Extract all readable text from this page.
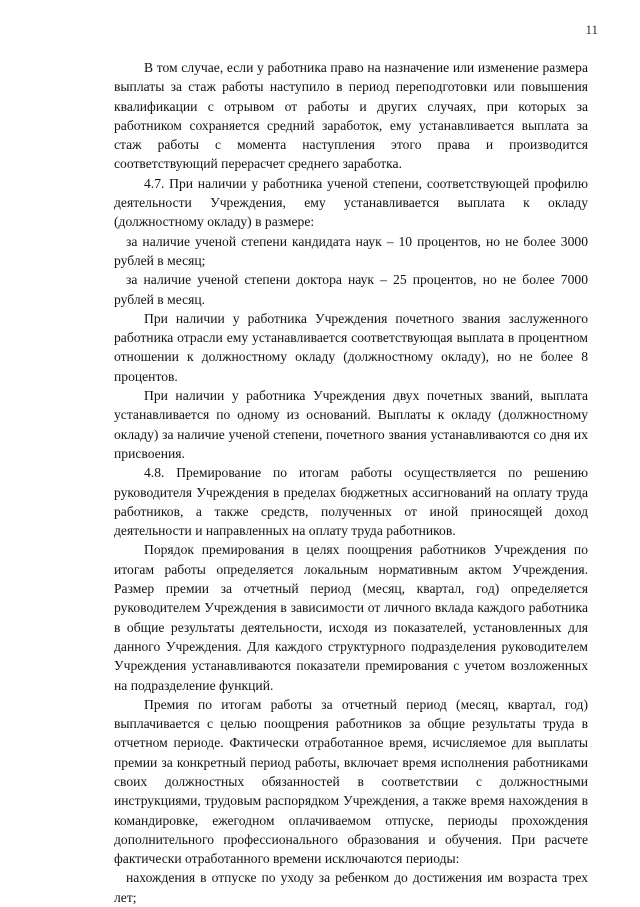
11

В том случае, если у работника право на назначение или изменение размера выплаты за стаж работы наступило в период переподготовки или повышения квалификации с отрывом от работы и других случаях, при которых за работником сохраняется средний заработок, ему устанавливается выплата за стаж работы с момента наступления этого права и производится соответствующий перерасчет среднего заработка.

4.7. При наличии у работника ученой степени, соответствующей профилю деятельности Учреждения, ему устанавливается выплата к окладу (должностному окладу) в размере:

за наличие ученой степени кандидата наук – 10 процентов, но не более 3000 рублей в месяц;

за наличие ученой степени доктора наук – 25 процентов, но не более 7000 рублей в месяц.

При наличии у работника Учреждения почетного звания заслуженного работника отрасли ему устанавливается соответствующая выплата в процентном отношении к должностному окладу (должностному окладу), но не более 8 процентов.

При наличии у работника Учреждения двух почетных званий, выплата устанавливается по одному из оснований. Выплаты к окладу (должностному окладу) за наличие ученой степени, почетного звания устанавливаются со дня их присвоения.

4.8. Премирование по итогам работы осуществляется по решению руководителя Учреждения в пределах бюджетных ассигнований на оплату труда работников, а также средств, полученных от иной приносящей доход деятельности и направленных на оплату труда работников.

Порядок премирования в целях поощрения работников Учреждения по итогам работы определяется локальным нормативным актом Учреждения. Размер премии за отчетный период (месяц, квартал, год) определяется руководителем Учреждения в зависимости от личного вклада каждого работника в общие результаты деятельности, исходя из показателей, установленных для данного Учреждения. Для каждого структурного подразделения руководителем Учреждения устанавливаются показатели премирования с учетом возложенных на подразделение функций.

Премия по итогам работы за отчетный период (месяц, квартал, год) выплачивается с целью поощрения работников за общие результаты труда в отчетном периоде. Фактически отработанное время, исчисляемое для выплаты премии за конкретный период работы, включает время исполнения работниками своих должностных обязанностей в соответствии с должностными инструкциями, трудовым распорядком Учреждения, а также время нахождения в командировке, ежегодном оплачиваемом отпуске, периоды прохождения дополнительного профессионального образования и обучения. При расчете фактически отработанного времени исключаются периоды:

нахождения в отпуске по уходу за ребенком до достижения им возраста трех лет;
